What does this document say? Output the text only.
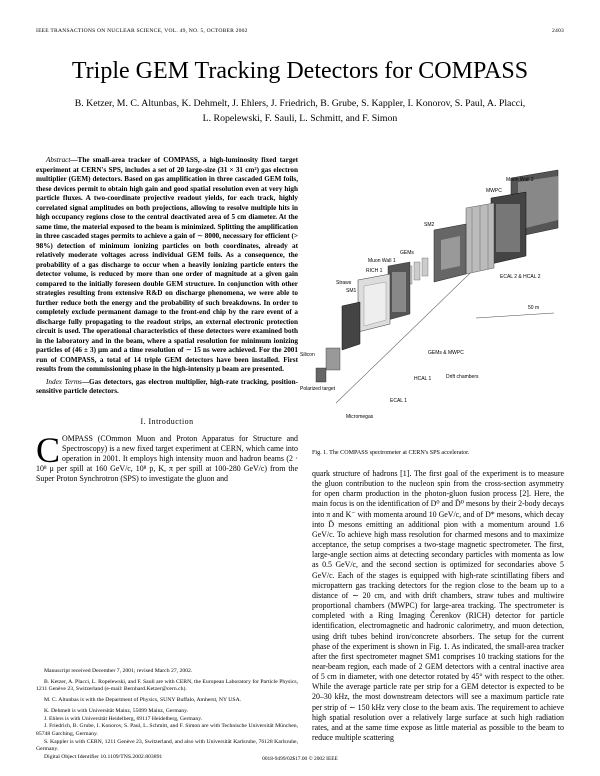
IEEE TRANSACTIONS ON NUCLEAR SCIENCE, VOL. 49, NO. 5, OCTOBER 2002	2403
Triple GEM Tracking Detectors for COMPASS
B. Ketzer, M. C. Altunbas, K. Dehmelt, J. Ehlers, J. Friedrich, B. Grube, S. Kappler, I. Konorov, S. Paul, A. Placci,
L. Ropelewski, F. Sauli, L. Schmitt, and F. Simon

Abstract—The small-area tracker of COMPASS, a high-luminosity fixed target experiment at CERN's SPS, includes a set of 20 large-size (31 × 31 cm²) gas electron multiplier (GEM) detectors. Based on gas amplification in three cascaded GEM foils, these devices permit to obtain high gain and good spatial resolution even at very high particle fluxes. A two-coordinate projective readout yields, for each track, highly correlated signal amplitudes on both projections, allowing to resolve multiple hits in high occupancy regions close to the central deactivated area of 5 cm diameter. At the same time, the material exposed to the beam is minimized. Splitting the amplification in three cascaded stages permits to achieve a gain of ∼ 8000, necessary for efficient (> 98%) detection of minimum ionizing particles on both coordinates, already at relatively moderate voltages across individual GEM foils. As a consequence, the probability of a gas discharge to occur when a heavily ionizing particle enters the detector volume, is reduced by more than one order of magnitude at a given gain compared to the initially foreseen double GEM structure. In conjunction with other strategies resulting from extensive R&D on discharge phenomena, we were able to further reduce both the energy and the probability of such breakdowns. In order to completely exclude permanent damage to the front-end chip by the rare event of a discharge fully propagating to the readout strips, an external electronic protection circuit is used. The operational characteristics of these detectors were examined both in the laboratory and in the beam, where a spatial resolution for minimum ionizing particles of (46 ± 3) μm and a time resolution of ∼ 15 ns were achieved. For the 2001 run of COMPASS, a total of 14 triple GEM detectors have been installed. First results from the commissioning phase in the high-intensity μ beam are presented.

Index Terms—Gas detectors, gas electron multiplier, high-rate tracking, position-sensitive particle detectors.

I. Introduction

COMPASS (COmmon Muon and Proton Apparatus for Structure and Spectroscopy) is a new fixed target experiment at CERN, which came into operation in 2001. It employs high intensity muon and hadron beams (2 · 10⁸ μ per spill at 160 GeV/c, 10⁸ p, K, π per spill at 100-280 GeV/c) from the Super Proton Synchrotron (SPS) to investigate the gluon and

Manuscript received December 7, 2001; revised March 27, 2002.

B. Ketzer, A. Placci, L. Ropelewski, and F. Sauli are with CERN, the European Laboratory for Particle Physics, 1211 Genève 23, Switzerland (e-mail: Bernhard.Ketzer@cern.ch).

M. C. Altunbas is with the Department of Physics, SUNY Buffalo, Amherst, NY USA.

K. Dehmelt is with Universität Mainz, 55099 Mainz, Germany.

J. Ehlers is with Universität Heidelberg, 69117 Heidelberg, Germany.

J. Friedrich, B. Grube, I. Konorov, S. Paul, L. Schmitt, and F. Simon are with Technische Universität München, 85748 Garching, Germany.

S. Kappler is with CERN, 1211 Genève 23, Switzerland, and also with Universität Karlsruhe, 76128 Karlsruhe, Germany.

Digital Object Identifier 10.1109/TNS.2002.803891

Muon Wall 2
MWPC
ECAL 2 & HCAL 2
SM2
GEMs
Muon Wall 1
RICH 1
SM1
Straws
Silicon
Micromegas
Polarized target
GEMs & MWPC
Drift chambers
HCAL 1
ECAL 1
50 m
Fig. 1. The COMPASS spectrometer at CERN's SPS accelerator.

quark structure of hadrons [1]. The first goal of the experiment is to measure the gluon contribution to the nucleon spin from the cross-section asymmetry for open charm production in the photon-gluon fusion process [2]. Here, the main focus is on the identification of D⁰ and D̄⁰ mesons by their 2-body decays into π and K⁻ with momenta around 10 GeV/c, and of D* mesons, which decay into D̄ mesons emitting an additional pion with a momentum around 1.6 GeV/c. To achieve high mass resolution for charmed mesons and to maximize acceptance, the setup comprises a two-stage magnetic spectrometer. The first, large-angle section aims at detecting secondary particles with momenta as low as 0.5 GeV/c, and the second section is optimized for secondaries above 5 GeV/c. Each of the stages is equipped with high-rate scintillating fibers and micropattern gas tracking detectors for the region close to the beam up to a distance of ∼ 20 cm, and with drift chambers, straw tubes and multiwire proportional chambers (MWPC) for large-area tracking. The spectrometer is completed with a Ring Imaging Čerenkov (RICH) detector for particle identification, electromagnetic and hadronic calorimetry, and muon detection, using drift tubes behind iron/concrete absorbers. The setup for the current phase of the experiment is shown in Fig. 1. As indicated, the small-area tracker after the first spectrometer magnet SM1 comprises 10 tracking stations for the near-beam region, each made of 2 GEM detectors with a central inactive area of 5 cm in diameter, with one detector rotated by 45° with respect to the other. While the average particle rate per strip for a GEM detector is expected to be 20–30 kHz, the most downstream detectors will see a maximum particle rate per strip of ∼ 150 kHz very close to the beam axis. The requirement to achieve high spatial resolution over a relatively large surface at such high radiation rates, and at the same time expose as little material as possible to the beam to reduce multiple scattering

0018-9499/02$17.00 © 2002 IEEE
